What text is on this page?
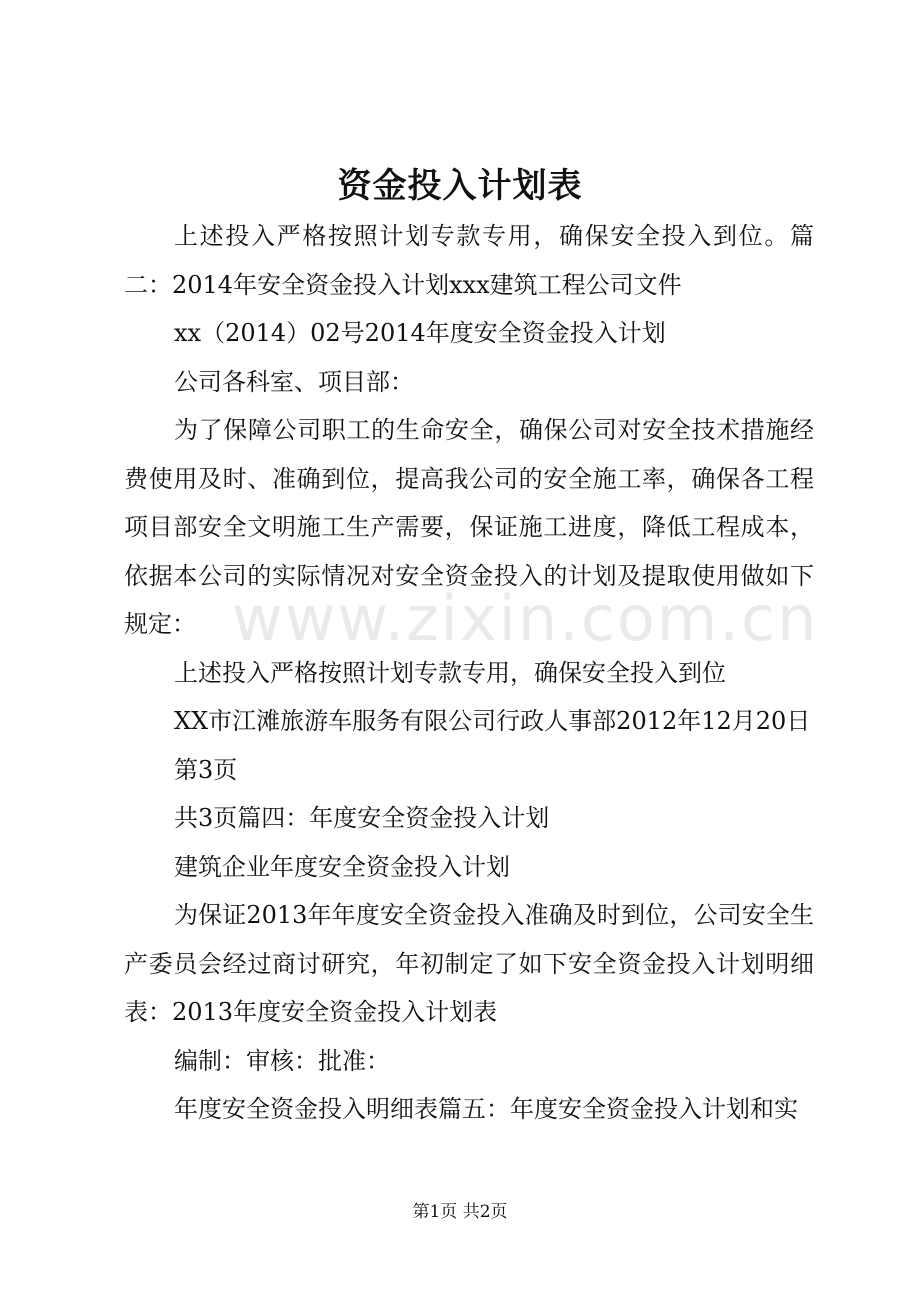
资金投入计划表

上述投入严格按照计划专款专用，确保安全投入到位。篇二：2014年安全资金投入计划xxx建筑工程公司文件

xx（2014）02号2014年度安全资金投入计划

公司各科室、项目部：

为了保障公司职工的生命安全，确保公司对安全技术措施经费使用及时、准确到位，提高我公司的安全施工率，确保各工程项目部安全文明施工生产需要，保证施工进度，降低工程成本，依据本公司的实际情况对安全资金投入的计划及提取使用做如下规定：

上述投入严格按照计划专款专用，确保安全投入到位

XX市江滩旅游车服务有限公司行政人事部2012年12月20日

第3页

共3页篇四：年度安全资金投入计划

建筑企业年度安全资金投入计划

为保证2013年年度安全资金投入准确及时到位，公司安全生产委员会经过商讨研究，年初制定了如下安全资金投入计划明细表：2013年度安全资金投入计划表

编制：审核：批准：

年度安全资金投入明细表篇五：年度安全资金投入计划和实

www.zixin.com.cn
第1页 共2页
